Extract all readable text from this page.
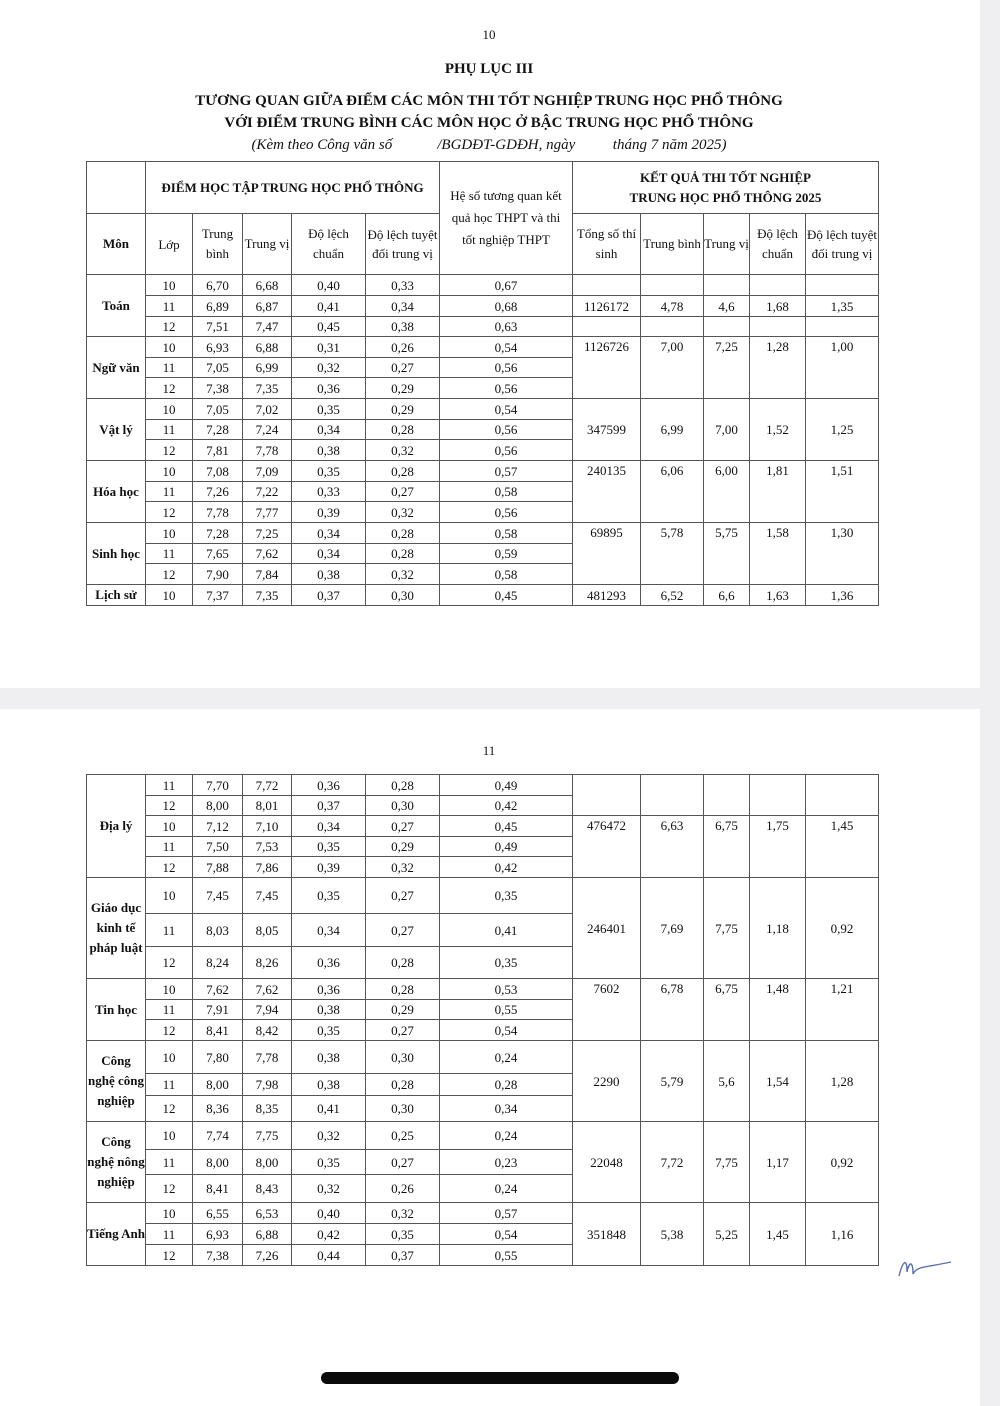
10
PHỤ LỤC III
TƯƠNG QUAN GIỮA ĐIỂM CÁC MÔN THI TỐT NGHIỆP TRUNG HỌC PHỔ THÔNG
VỚI ĐIỂM TRUNG BÌNH CÁC MÔN HỌC Ở BẬC TRUNG HỌC PHỔ THÔNG
(Kèm theo Công văn số            /BGDĐT-GDĐH, ngày          tháng 7 năm 2025)
	ĐIỂM HỌC TẬP TRUNG HỌC PHỔ THÔNG					Hệ số tương quan kết quả học THPT và thi tốt nghiệp THPT	KẾT QUẢ THI TỐT NGHIỆP
TRUNG HỌC PHỔ THÔNG 2025				
Môn	Lớp	Trung bình	Trung vị	Độ lệch chuẩn	Độ lệch tuyệt đối trung vị		Tổng số thí sinh	Trung bình	Trung vị	Độ lệch chuẩn	Độ lệch tuyệt đối trung vị
Toán	10	6,70	6,68	0,40	0,33	0,67					
	11	6,89	6,87	0,41	0,34	0,68	1126172	4,78	4,6	1,68	1,35
	12	7,51	7,47	0,45	0,38	0,63					
Ngữ văn	10	6,93	6,88	0,31	0,26	0,54	1126726	7,00	7,25	1,28	1,00
	11	7,05	6,99	0,32	0,27	0,56					
	12	7,38	7,35	0,36	0,29	0,56					
Vật lý	10	7,05	7,02	0,35	0,29	0,54	347599	6,99	7,00	1,52	1,25
	11	7,28	7,24	0,34	0,28	0,56					
	12	7,81	7,78	0,38	0,32	0,56					
Hóa học	10	7,08	7,09	0,35	0,28	0,57	240135	6,06	6,00	1,81	1,51
	11	7,26	7,22	0,33	0,27	0,58					
	12	7,78	7,77	0,39	0,32	0,56					
Sinh học	10	7,28	7,25	0,34	0,28	0,58	69895	5,78	5,75	1,58	1,30
	11	7,65	7,62	0,34	0,28	0,59					
	12	7,90	7,84	0,38	0,32	0,58					
Lịch sử	10	7,37	7,35	0,37	0,30	0,45	481293	6,52	6,6	1,63	1,36
11
Địa lý	11	7,70	7,72	0,36	0,28	0,49					
	12	8,00	8,01	0,37	0,30	0,42					
	10	7,12	7,10	0,34	0,27	0,45	476472	6,63	6,75	1,75	1,45
	11	7,50	7,53	0,35	0,29	0,49					
	12	7,88	7,86	0,39	0,32	0,42					
Giáo dục kinh tế pháp luật	10	7,45	7,45	0,35	0,27	0,35	246401	7,69	7,75	1,18	0,92
	11	8,03	8,05	0,34	0,27	0,41					
	12	8,24	8,26	0,36	0,28	0,35					
Tin học	10	7,62	7,62	0,36	0,28	0,53	7602	6,78	6,75	1,48	1,21
	11	7,91	7,94	0,38	0,29	0,55					
	12	8,41	8,42	0,35	0,27	0,54					
Công nghệ công nghiệp	10	7,80	7,78	0,38	0,30	0,24	2290	5,79	5,6	1,54	1,28
	11	8,00	7,98	0,38	0,28	0,28					
	12	8,36	8,35	0,41	0,30	0,34					
Công nghệ nông nghiệp	10	7,74	7,75	0,32	0,25	0,24	22048	7,72	7,75	1,17	0,92
	11	8,00	8,00	0,35	0,27	0,23					
	12	8,41	8,43	0,32	0,26	0,24					
Tiếng Anh	10	6,55	6,53	0,40	0,32	0,57	351848	5,38	5,25	1,45	1,16
	11	6,93	6,88	0,42	0,35	0,54					
	12	7,38	7,26	0,44	0,37	0,55					
